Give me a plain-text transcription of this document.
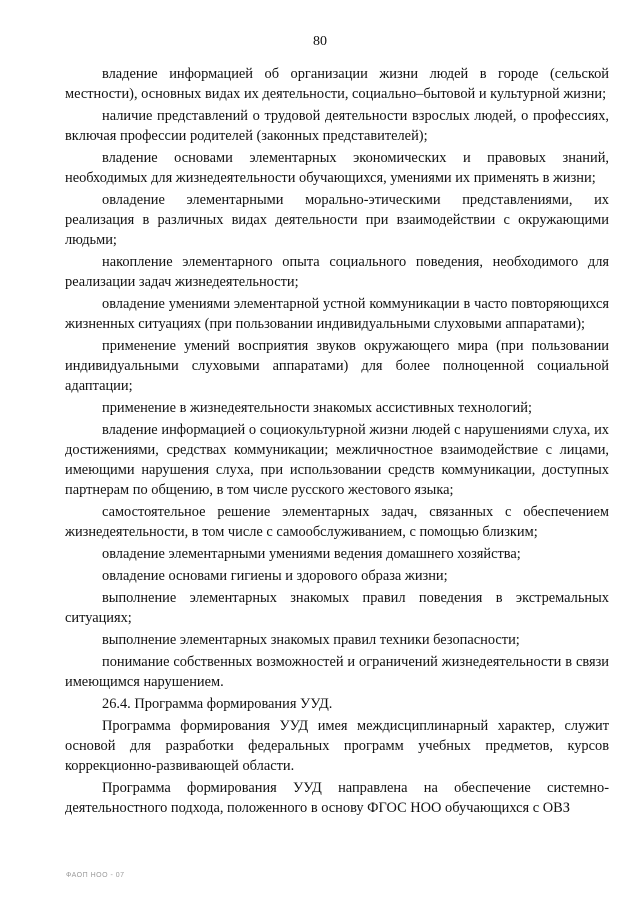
80

владение информацией об организации жизни людей в городе (сельской местности), основных видах их деятельности, социально–бытовой и культурной жизни;

наличие представлений о трудовой деятельности взрослых людей, о профессиях, включая профессии родителей (законных представителей);

владение основами элементарных экономических и правовых знаний, необходимых для жизнедеятельности обучающихся, умениями их применять в жизни;

овладение элементарными морально-этическими представлениями, их реализация в различных видах деятельности при взаимодействии с окружающими людьми;

накопление элементарного опыта социального поведения, необходимого для реализации задач жизнедеятельности;

овладение умениями элементарной устной коммуникации в часто повторяющихся жизненных ситуациях (при пользовании индивидуальными слуховыми аппаратами);

применение умений восприятия звуков окружающего мира (при пользовании индивидуальными слуховыми аппаратами) для более полноценной социальной адаптации;

применение в жизнедеятельности знакомых ассистивных технологий;

владение информацией о социокультурной жизни людей с нарушениями слуха, их достижениями, средствах коммуникации; межличностное взаимодействие с лицами, имеющими нарушения слуха, при использовании средств коммуникации, доступных партнерам по общению, в том числе русского жестового языка;

самостоятельное решение элементарных задач, связанных с обеспечением жизнедеятельности, в том числе с самообслуживанием, с помощью близким;

овладение элементарными умениями ведения домашнего хозяйства;

овладение основами гигиены и здорового образа жизни;

выполнение элементарных знакомых правил поведения в экстремальных ситуациях;

выполнение элементарных знакомых правил техники безопасности;

понимание собственных возможностей и ограничений жизнедеятельности в связи имеющимся нарушением.

26.4. Программа формирования УУД.

Программа формирования УУД имея междисциплинарный характер, служит основой для разработки федеральных программ учебных предметов, курсов коррекционно-развивающей области.

Программа формирования УУД направлена на обеспечение системно-деятельностного подхода, положенного в основу ФГОС НОО обучающихся с ОВЗ

ФАОП НОО - 07
